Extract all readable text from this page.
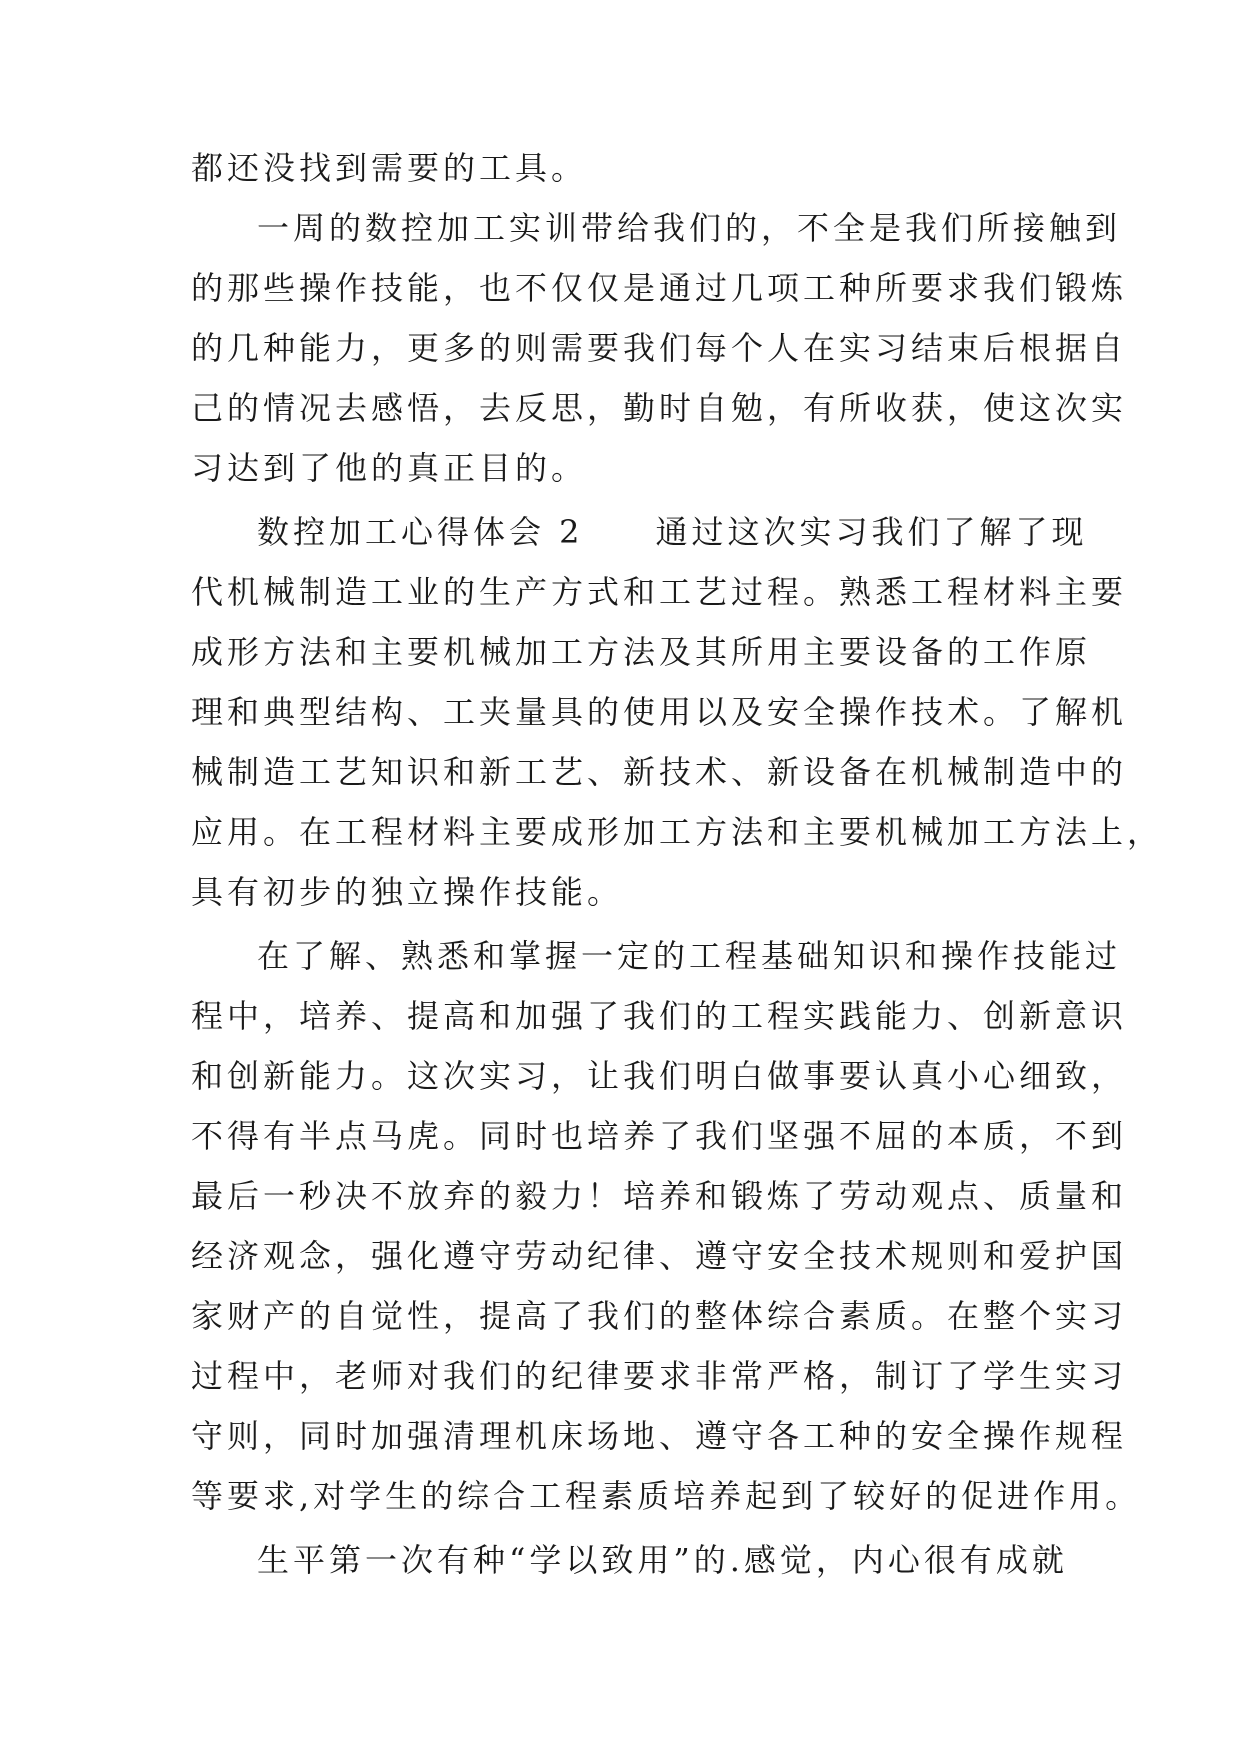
都还没找到需要的工具。
一周的数控加工实训带给我们的，不全是我们所接触到
的那些操作技能，也不仅仅是通过几项工种所要求我们锻炼
的几种能力，更多的则需要我们每个人在实习结束后根据自
己的情况去感悟，去反思，勤时自勉，有所收获，使这次实
习达到了他的真正目的。
数控加工心得体会 2　　通过这次实习我们了解了现
代机械制造工业的生产方式和工艺过程。熟悉工程材料主要
成形方法和主要机械加工方法及其所用主要设备的工作原
理和典型结构、工夹量具的使用以及安全操作技术。了解机
械制造工艺知识和新工艺、新技术、新设备在机械制造中的
应用。在工程材料主要成形加工方法和主要机械加工方法上，
具有初步的独立操作技能。
在了解、熟悉和掌握一定的工程基础知识和操作技能过
程中，培养、提高和加强了我们的工程实践能力、创新意识
和创新能力。这次实习，让我们明白做事要认真小心细致，
不得有半点马虎。同时也培养了我们坚强不屈的本质，不到
最后一秒决不放弃的毅力！培养和锻炼了劳动观点、质量和
经济观念，强化遵守劳动纪律、遵守安全技术规则和爱护国
家财产的自觉性，提高了我们的整体综合素质。在整个实习
过程中，老师对我们的纪律要求非常严格，制订了学生实习
守则，同时加强清理机床场地、遵守各工种的安全操作规程
等要求,对学生的综合工程素质培养起到了较好的促进作用。
生平第一次有种“学以致用”的.感觉，内心很有成就
